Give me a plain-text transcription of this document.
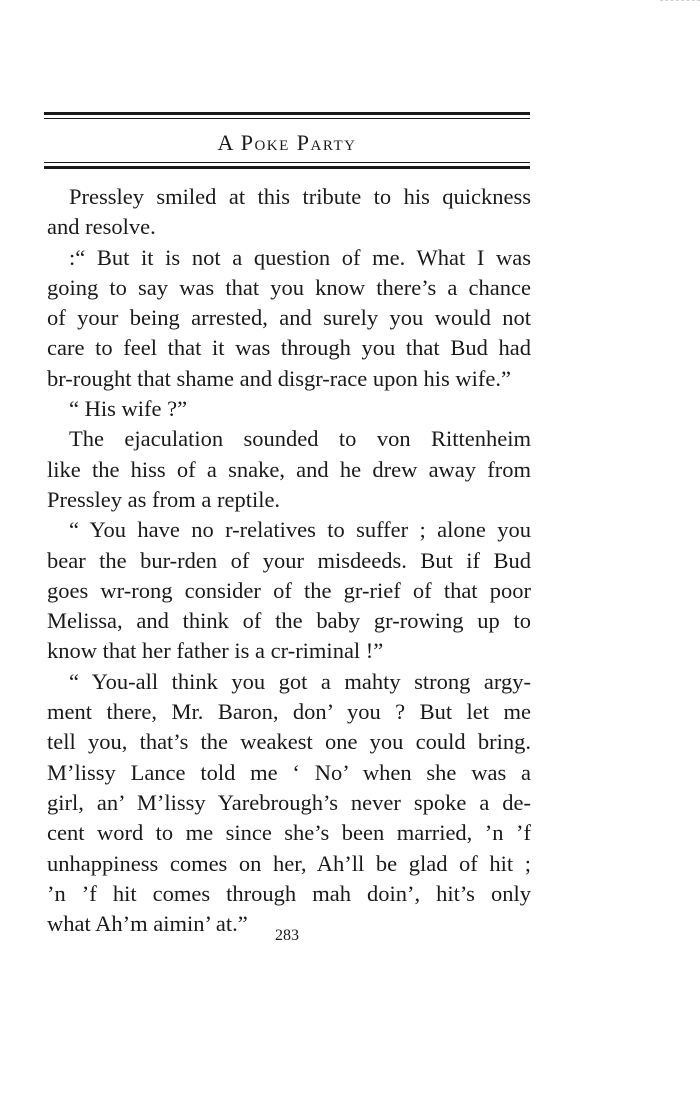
A Poke Party
Pressley smiled at this tribute to his quickness
and resolve.
:“ But it is not a question of me. What I was
going to say was that you know there’s a chance
of your being arrested, and surely you would not
care to feel that it was through you that Bud had
br-rought that shame and disgr-race upon his wife.”
“ His wife ?”
The ejaculation sounded to von Rittenheim
like the hiss of a snake, and he drew away from
Pressley as from a reptile.
“ You have no r-relatives to suffer ; alone you
bear the bur-rden of your misdeeds. But if Bud
goes wr-rong consider of the gr-rief of that poor
Melissa, and think of the baby gr-rowing up to
know that her father is a cr-riminal !”
“ You-all think you got a mahty strong argy-
ment there, Mr. Baron, don’ you ? But let me
tell you, that’s the weakest one you could bring.
M’lissy Lance told me ‘ No’ when she was a
girl, an’ M’lissy Yarebrough’s never spoke a de-
cent word to me since she’s been married, ’n ’f
unhappiness comes on her, Ah’ll be glad of hit ;
’n ’f hit comes through mah doin’, hit’s only
what Ah’m aimin’ at.”	283
